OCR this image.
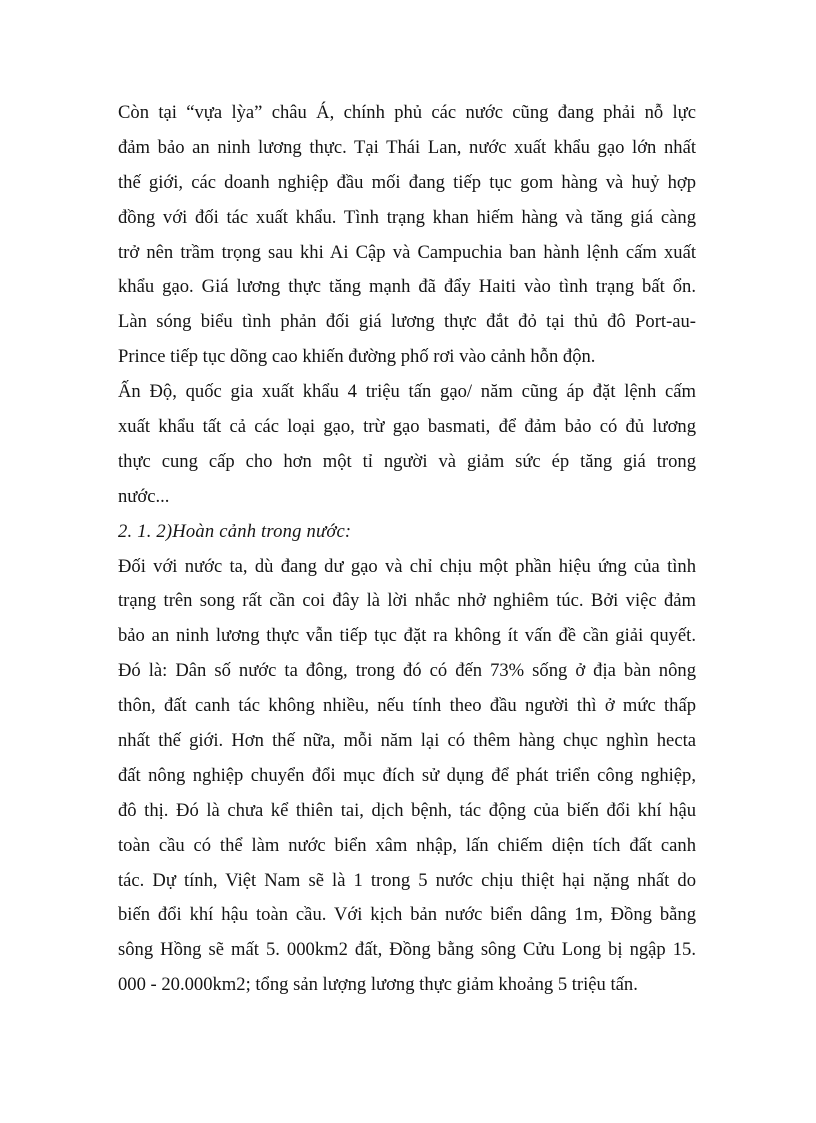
Còn tại “vựa lỳa” châu Á, chính phủ các nước cũng đang phải nỗ lực
đảm bảo an ninh lương thực. Tại Thái Lan, nước xuất khẩu gạo lớn nhất
thế giới, các doanh nghiệp đầu mối đang tiếp tục gom hàng và huỷ hợp
đồng với đối tác xuất khẩu. Tình trạng khan hiếm hàng và tăng giá càng
trở nên trầm trọng sau khi Ai Cập và Campuchia ban hành lệnh cấm xuất
khẩu gạo. Giá lương thực tăng mạnh đã đẩy Haiti vào tình trạng bất ổn.
Làn sóng biểu tình phản đối giá lương thực đắt đỏ tại thủ đô Port-au-
Prince tiếp tục dõng cao khiến đường phố rơi vào cảnh hỗn độn.
Ấn Độ, quốc gia xuất khẩu 4 triệu tấn gạo/ năm cũng áp đặt lệnh cấm
xuất khẩu tất cả các loại gạo, trừ gạo basmati, để đảm bảo có đủ lương
thực cung cấp cho hơn một tỉ người và giảm sức ép tăng giá trong
nước...
2. 1. 2)Hoàn cảnh trong nước:
Đối với nước ta, dù đang dư gạo và chỉ chịu một phần hiệu ứng của tình
trạng trên song rất cần coi đây là lời nhắc nhở nghiêm túc. Bởi việc đảm
bảo an ninh lương thực vẫn tiếp tục đặt ra không ít vấn đề cần giải quyết.
Đó là: Dân số nước ta đông, trong đó có đến 73% sống ở địa bàn nông
thôn, đất canh tác không nhiều, nếu tính theo đầu người thì ở mức thấp
nhất thế giới. Hơn thế nữa, mỗi năm lại có thêm hàng chục nghìn hecta
đất nông nghiệp chuyển đổi mục đích sử dụng để phát triển công nghiệp,
đô thị. Đó là chưa kể thiên tai, dịch bệnh, tác động của biến đổi khí hậu
toàn cầu có thể làm nước biển xâm nhập, lấn chiếm diện tích đất canh
tác. Dự tính, Việt Nam sẽ là 1 trong 5 nước chịu thiệt hại nặng nhất do
biến đổi khí hậu toàn cầu. Với kịch bản nước biển dâng 1m, Đồng bằng
sông Hồng sẽ mất 5. 000km2 đất, Đồng bằng sông Cửu Long bị ngập 15.
000 - 20.000km2; tổng sản lượng lương thực giảm khoảng 5 triệu tấn.
